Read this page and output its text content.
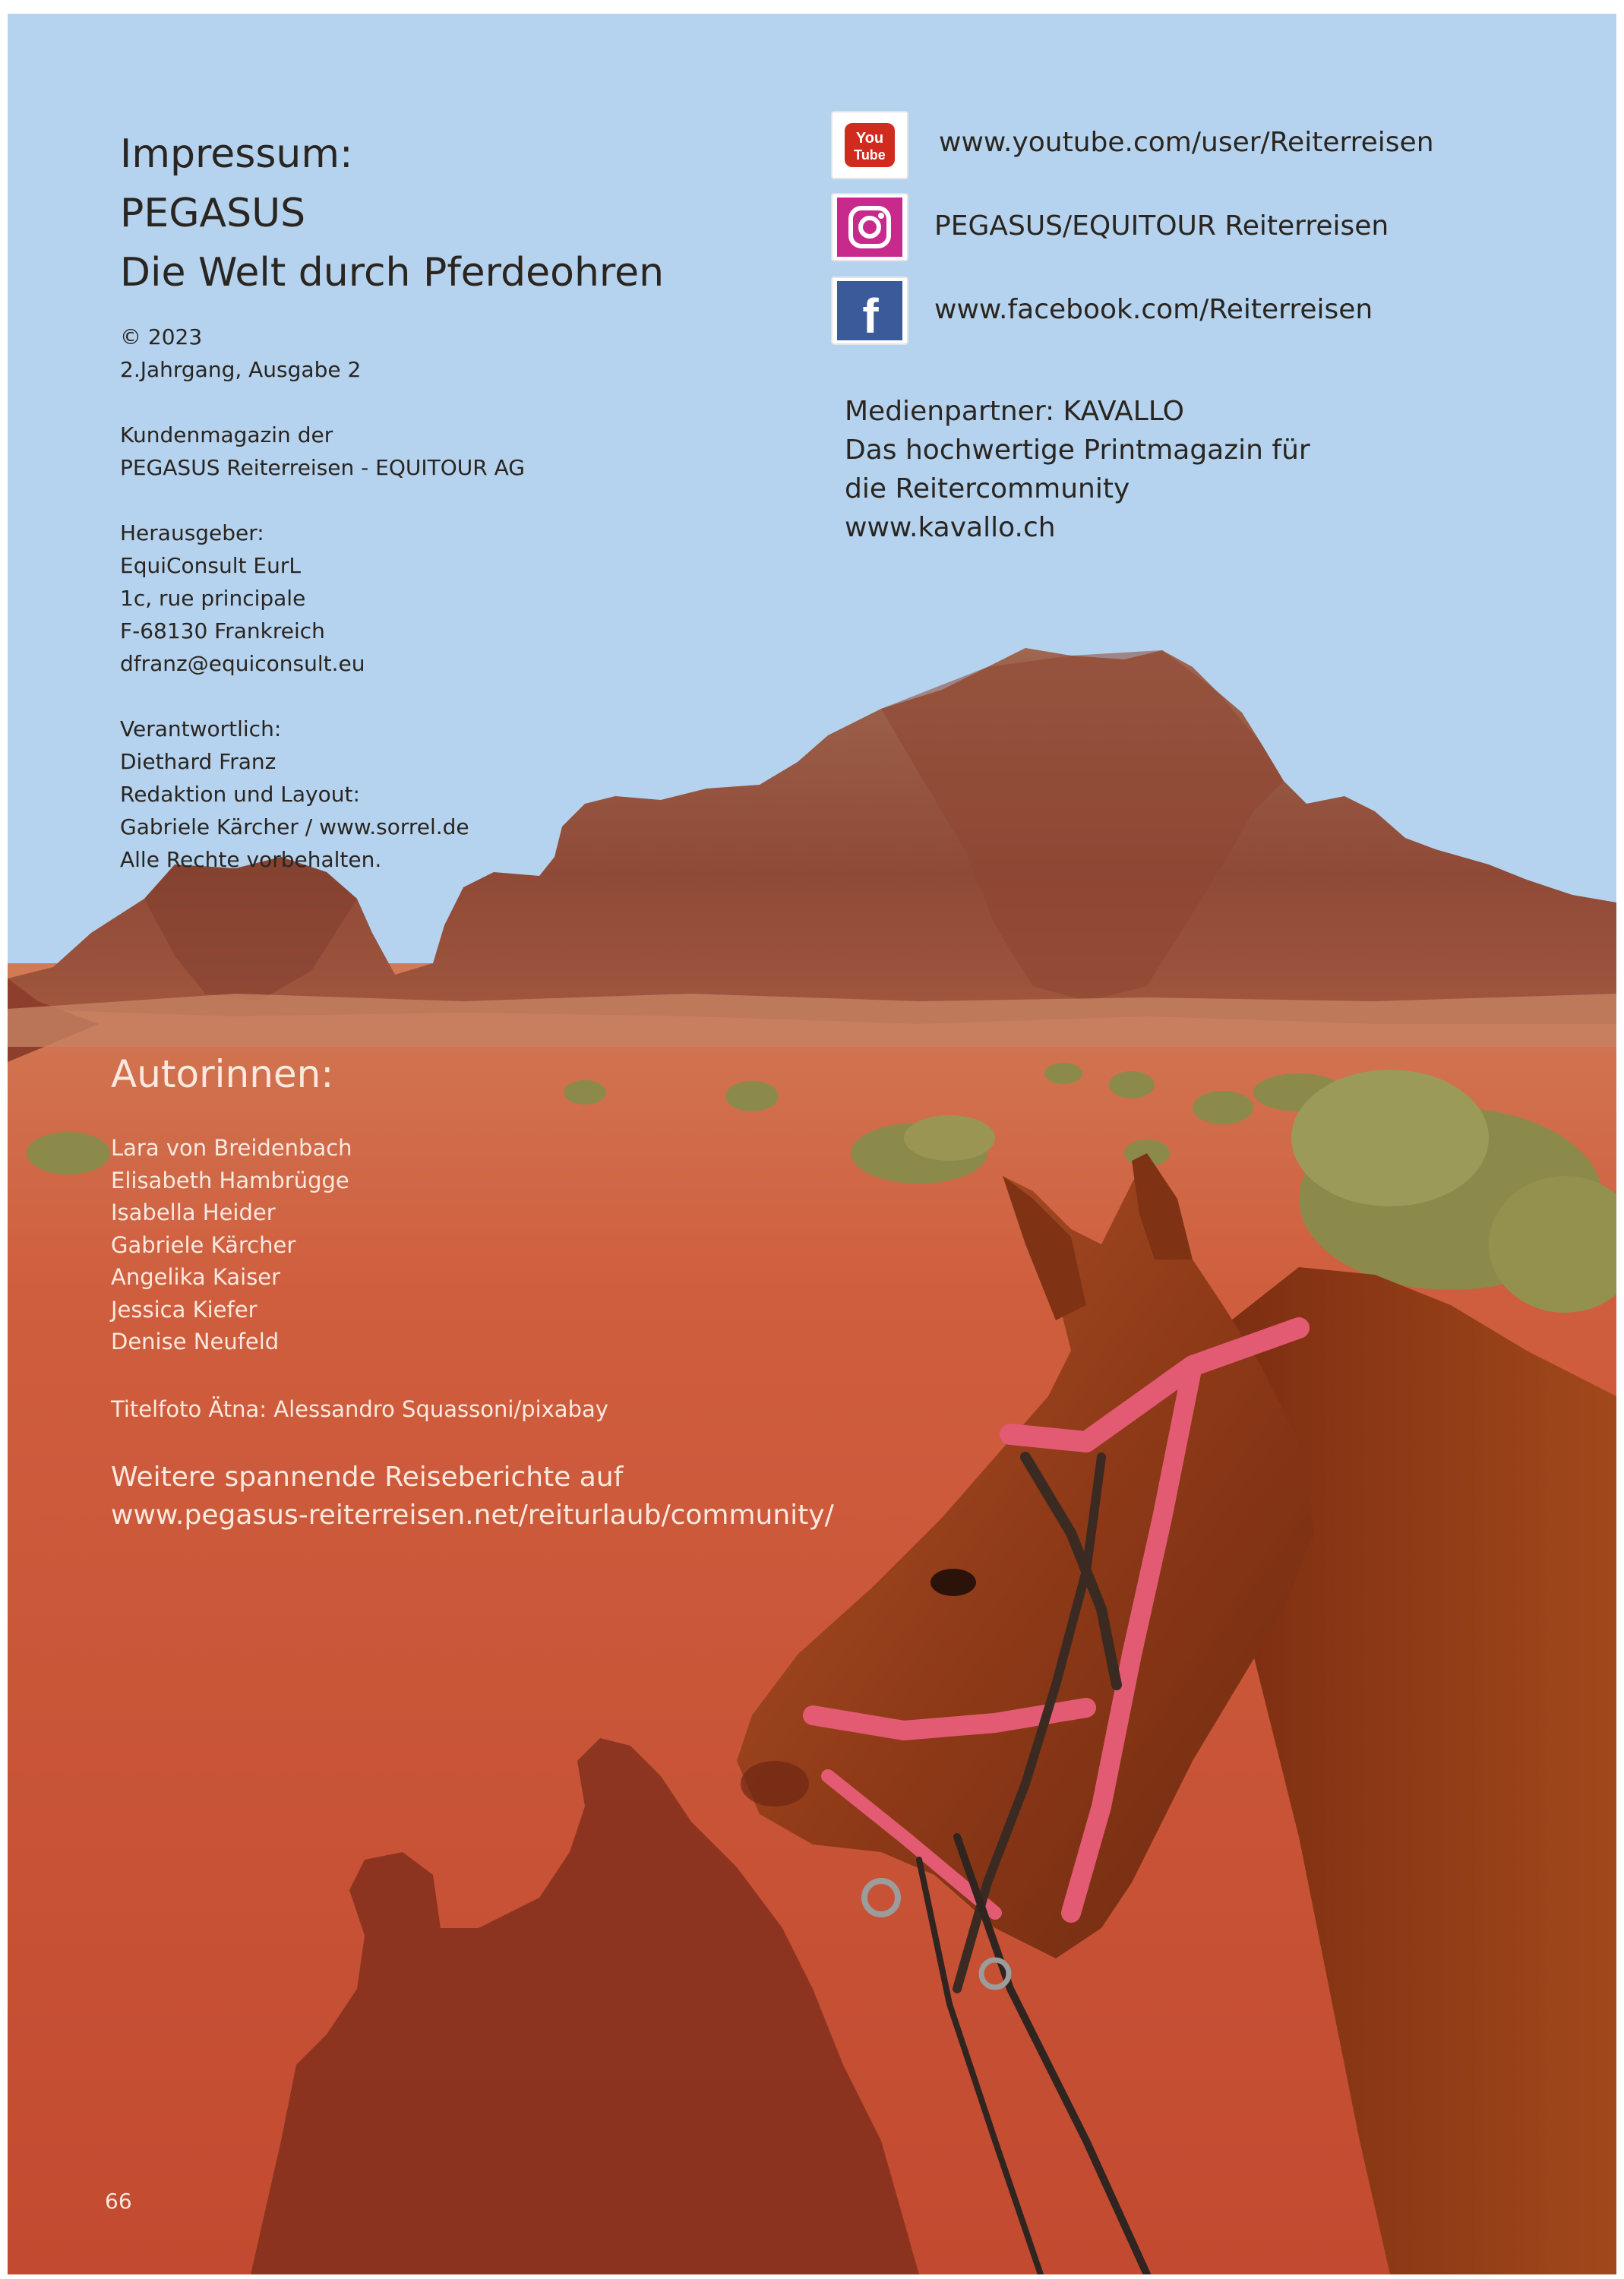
Impressum:
PEGASUS
Die Welt durch Pferdeohren
© 2023
2.Jahrgang, Ausgabe 2
Kundenmagazin der
PEGASUS Reiterreisen - EQUITOUR AG
Herausgeber:
EquiConsult EurL
1c, rue principale
F-68130 Frankreich
dfranz@equiconsult.eu
Verantwortlich:
Diethard Franz
Redaktion und Layout:
Gabriele Kärcher / www.sorrel.de
Alle Rechte vorbehalten.
You
Tube www.youtube.com/user/Reiterreisen
PEGASUS/EQUITOUR Reiterreisen
f www.facebook.com/Reiterreisen
Medienpartner: KAVALLO
Das hochwertige Printmagazin für
die Reitercommunity
www.kavallo.ch
Autorinnen:
Lara von Breidenbach
Elisabeth Hambrügge
Isabella Heider
Gabriele Kärcher
Angelika Kaiser
Jessica Kiefer
Denise Neufeld
Titelfoto Ätna: Alessandro Squassoni/pixabay
Weitere spannende Reiseberichte auf
www.pegasus-reiterreisen.net/reiturlaub/community/
66
